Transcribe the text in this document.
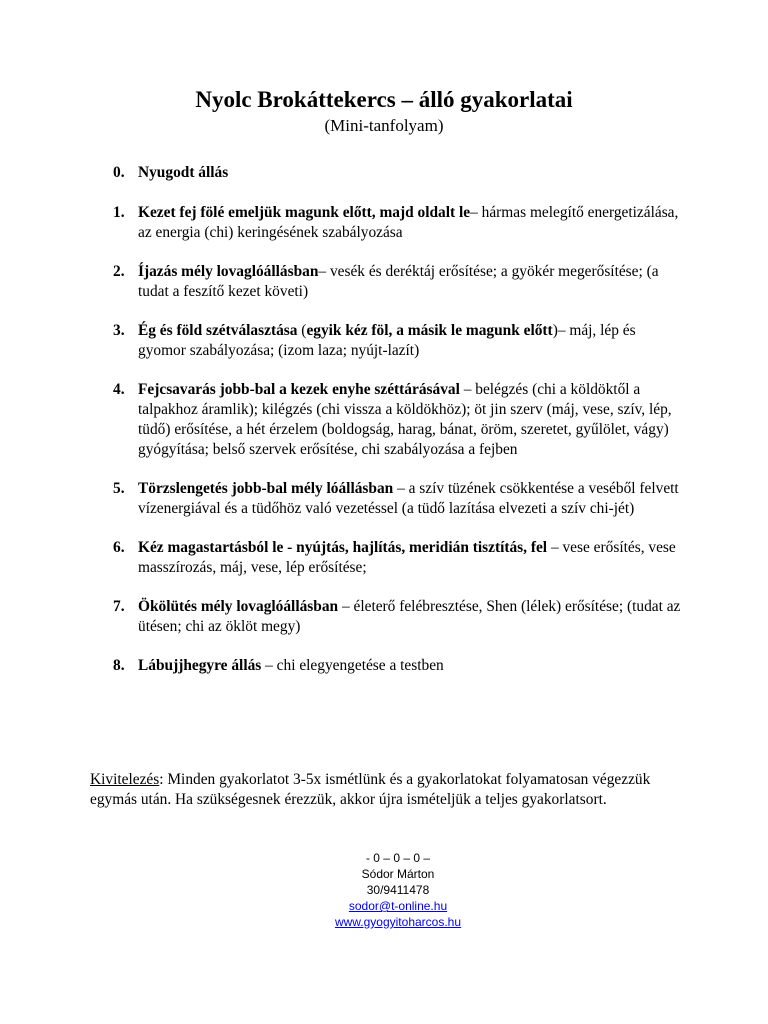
Nyolc Brokáttekercs – álló gyakorlatai
(Mini-tanfolyam)
0. Nyugodt állás
1. Kezet fej fölé emeljük magunk előtt, majd oldalt le– hármas melegítő energetizálása, az energia (chi) keringésének szabályozása
2. Íjazás mély lovaglóállásban– vesék és deréktáj erősítése; a gyökér megerősítése; (a tudat a feszítő kezet követi)
3. Ég és föld szétválasztása (egyik kéz föl, a másik le magunk előtt)– máj, lép és gyomor szabályozása; (izom laza; nyújt-lazít)
4. Fejcsavarás jobb-bal a kezek enyhe széttárásával – belégzés (chi a köldöktől a talpakhoz áramlik); kilégzés (chi vissza a köldökhöz); öt jin szerv (máj, vese, szív, lép, tüdő) erősítése, a hét érzelem (boldogság, harag, bánat, öröm, szeretet, gyűlölet, vágy) gyógyítása; belső szervek erősítése, chi szabályozása a fejben
5. Törzslengetés jobb-bal mély lóállásban – a szív tüzének csökkentése a veséből felvett vízenergiával és a tüdőhöz való vezetéssel (a tüdő lazítása elvezeti a szív chi-jét)
6. Kéz magastartásból le - nyújtás, hajlítás, meridián tisztítás, fel – vese erősítés, vese masszírozás, máj, vese, lép erősítése;
7. Ökölütés mély lovaglóállásban – életerő felébresztése, Shen (lélek) erősítése; (tudat az ütésen; chi az öklöt megy)
8. Lábujjhegyre állás – chi elegyengetése a testben
Kivitelezés: Minden gyakorlatot 3-5x ismétlünk és a gyakorlatokat folyamatosan végezzük egymás után. Ha szükségesnek érezzük, akkor újra ismételjük a teljes gyakorlatsort.
- 0 – 0 – 0 –
Sódor Márton
30/9411478
sodor@t-online.hu
www.gyogyitoharcos.hu
